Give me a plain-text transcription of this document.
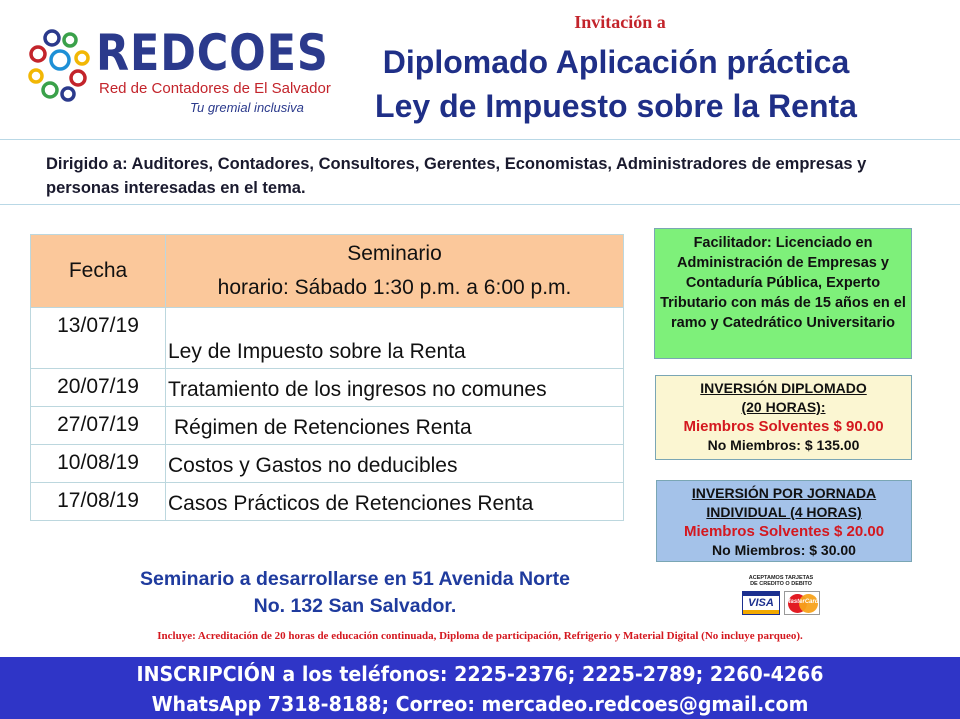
REDCOES
Red de Contadores de El Salvador
Tu gremial inclusiva
Invitación a
Diplomado Aplicación práctica
Ley de Impuesto sobre la Renta
Dirigido a: Auditores, Contadores, Consultores, Gerentes, Economistas, Administradores de empresas y personas interesadas en el tema.
Fecha	Seminario
horario: Sábado 1:30 p.m. a 6:00 p.m.

13/07/19	Ley de Impuesto sobre la Renta
20/07/19	Tratamiento de los ingresos no comunes
27/07/19	Régimen de Retenciones Renta
10/08/19	Costos y Gastos no deducibles
17/08/19	Casos Prácticos de Retenciones Renta
Facilitador: Licenciado en Administración de Empresas y Contaduría Pública, Experto Tributario con más de 15 años en el ramo y Catedrático Universitario
INVERSIÓN DIPLOMADO
(20 HORAS):
Miembros Solventes $ 90.00
No Miembros: $ 135.00
INVERSIÓN POR JORNADA
INDIVIDUAL (4 HORAS)
Miembros Solventes $ 20.00
No Miembros: $ 30.00
Seminario a desarrollarse en 51 Avenida Norte
No. 132 San Salvador.
ACEPTAMOS TARJETAS
DE CREDITO O DEBITO
VISA	MasterCard
Incluye: Acreditación de 20 horas de educación continuada, Diploma de participación, Refrigerio y Material Digital (No incluye parqueo).
INSCRIPCIÓN a los teléfonos: 2225-2376; 2225-2789; 2260-4266
WhatsApp 7318-8188; Correo: mercadeo.redcoes@gmail.com
